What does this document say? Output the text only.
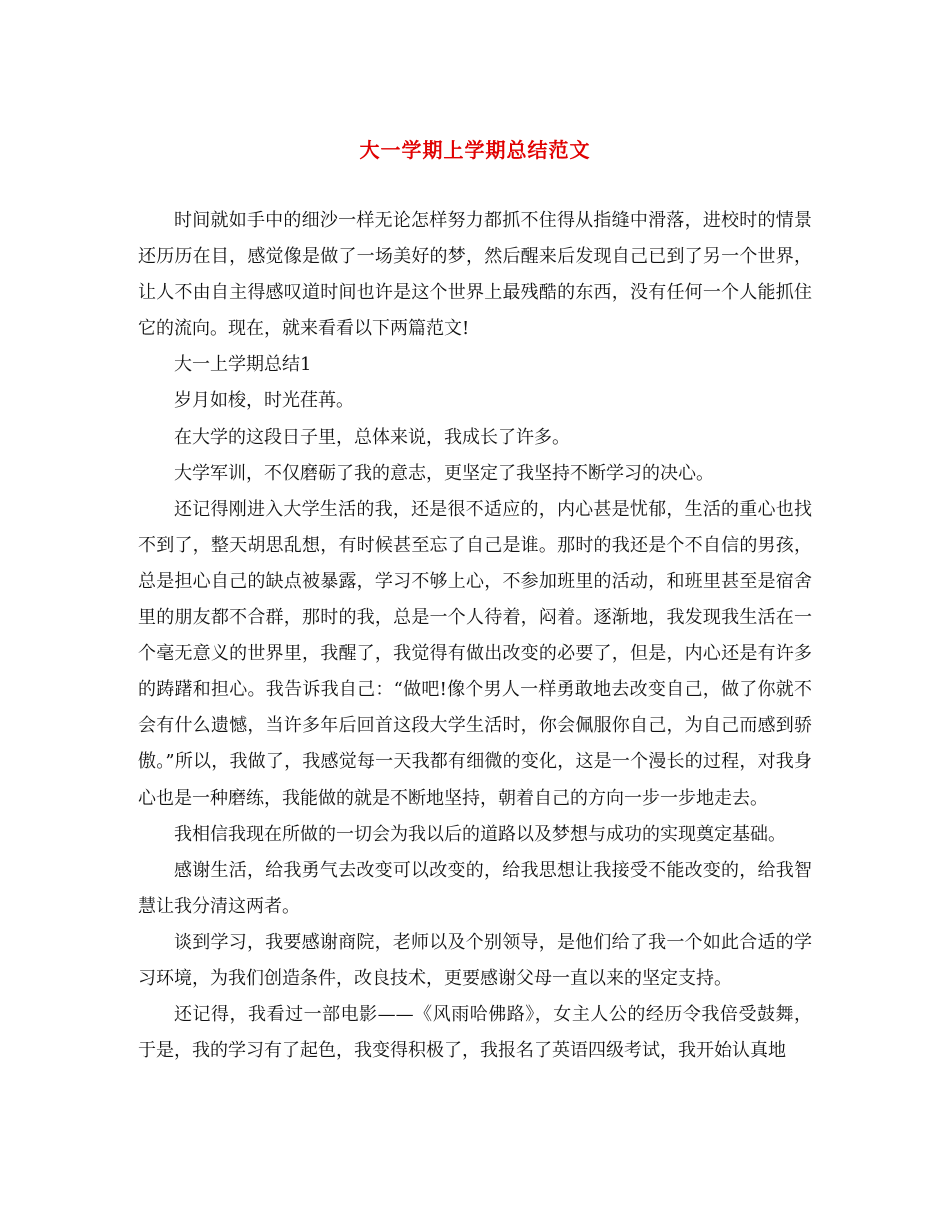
大一学期上学期总结范文

时间就如手中的细沙一样无论怎样努力都抓不住得从指缝中滑落，进校时的情景还历历在目，感觉像是做了一场美好的梦，然后醒来后发现自己已到了另一个世界，让人不由自主得感叹道时间也许是这个世界上最残酷的东西，没有任何一个人能抓住它的流向。现在，就来看看以下两篇范文!

大一上学期总结1

岁月如梭，时光荏苒。

在大学的这段日子里，总体来说，我成长了许多。

大学军训，不仅磨砺了我的意志，更坚定了我坚持不断学习的决心。

还记得刚进入大学生活的我，还是很不适应的，内心甚是忧郁，生活的重心也找不到了，整天胡思乱想，有时候甚至忘了自己是谁。那时的我还是个不自信的男孩，总是担心自己的缺点被暴露，学习不够上心，不参加班里的活动，和班里甚至是宿舍里的朋友都不合群，那时的我，总是一个人待着，闷着。逐渐地，我发现我生活在一个毫无意义的世界里，我醒了，我觉得有做出改变的必要了，但是，内心还是有许多的踌躇和担心。我告诉我自己：“做吧!像个男人一样勇敢地去改变自己，做了你就不会有什么遗憾，当许多年后回首这段大学生活时，你会佩服你自己，为自己而感到骄傲。”所以，我做了，我感觉每一天我都有细微的变化，这是一个漫长的过程，对我身心也是一种磨练，我能做的就是不断地坚持，朝着自己的方向一步一步地走去。

我相信我现在所做的一切会为我以后的道路以及梦想与成功的实现奠定基础。

感谢生活，给我勇气去改变可以改变的，给我思想让我接受不能改变的，给我智慧让我分清这两者。

谈到学习，我要感谢商院，老师以及个别领导，是他们给了我一个如此合适的学习环境，为我们创造条件，改良技术，更要感谢父母一直以来的坚定支持。

还记得，我看过一部电影——《风雨哈佛路》，女主人公的经历令我倍受鼓舞，于是，我的学习有了起色，我变得积极了，我报名了英语四级考试，我开始认真地
